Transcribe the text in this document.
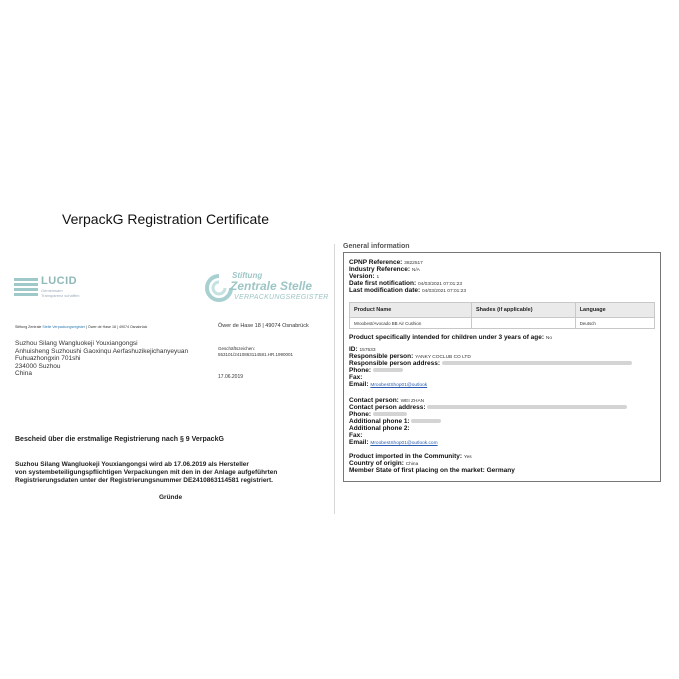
VerpackG Registration Certificate
LUCID
Gemeinsam
Transparenz schaffen
Stiftung
Zentrale Stelle
VERPACKUNGSREGISTER
Stiftung Zentrale Stelle Verpackungsregister | Öwer de Hase 18 | 49074 Osnabrück	Öwer de Hase 18 | 49074 Osnabrück
Suzhou Silang Wangluokeji Youxiangongsi
Anhuisheng Suzhoushi Gaoxinqu Aerfashuzikejichanyeyuan
Fuhuazhongxin 701shi
234000 Suzhou
China
Geschäftszeichen:
553101/2410863114581.HR.1990001
17.06.2019
Bescheid über die erstmalige Registrierung nach § 9 VerpackG
Suzhou Silang Wangluokeji Youxiangongsi wird ab 17.06.2019 als Hersteller
von systembeteiligungspflichtigen Verpackungen mit den in der Anlage aufgeführten
Registrierungsdaten unter der Registrierungsnummer DE2410863114581 registriert.
Gründe
General information
CPNP Reference: 3822517
Industry Reference: N/A
Version: 1
Date first notification: 04/03/2021 07:01:23
Last modification date: 04/03/2021 07:01:23
Product Name	Shades (if applicable)	Language
Mroobest/Avocado BB Air Cushion		Deutsch
Product specifically intended for children under 3 years of age: No
ID: 157533
Responsible person: YANKY COCLUB CO LTD
Responsible person address:
Phone:
Fax:
Email: MroobestShop01@outlook
Contact person: WEI ZHAN
Contact person address:
Phone:
Additional phone 1:
Additional phone 2:
Fax:
Email: MroobestShop01@outlook.com
Product imported in the Community: Yes
Country of origin: China
Member State of first placing on the market: Germany
